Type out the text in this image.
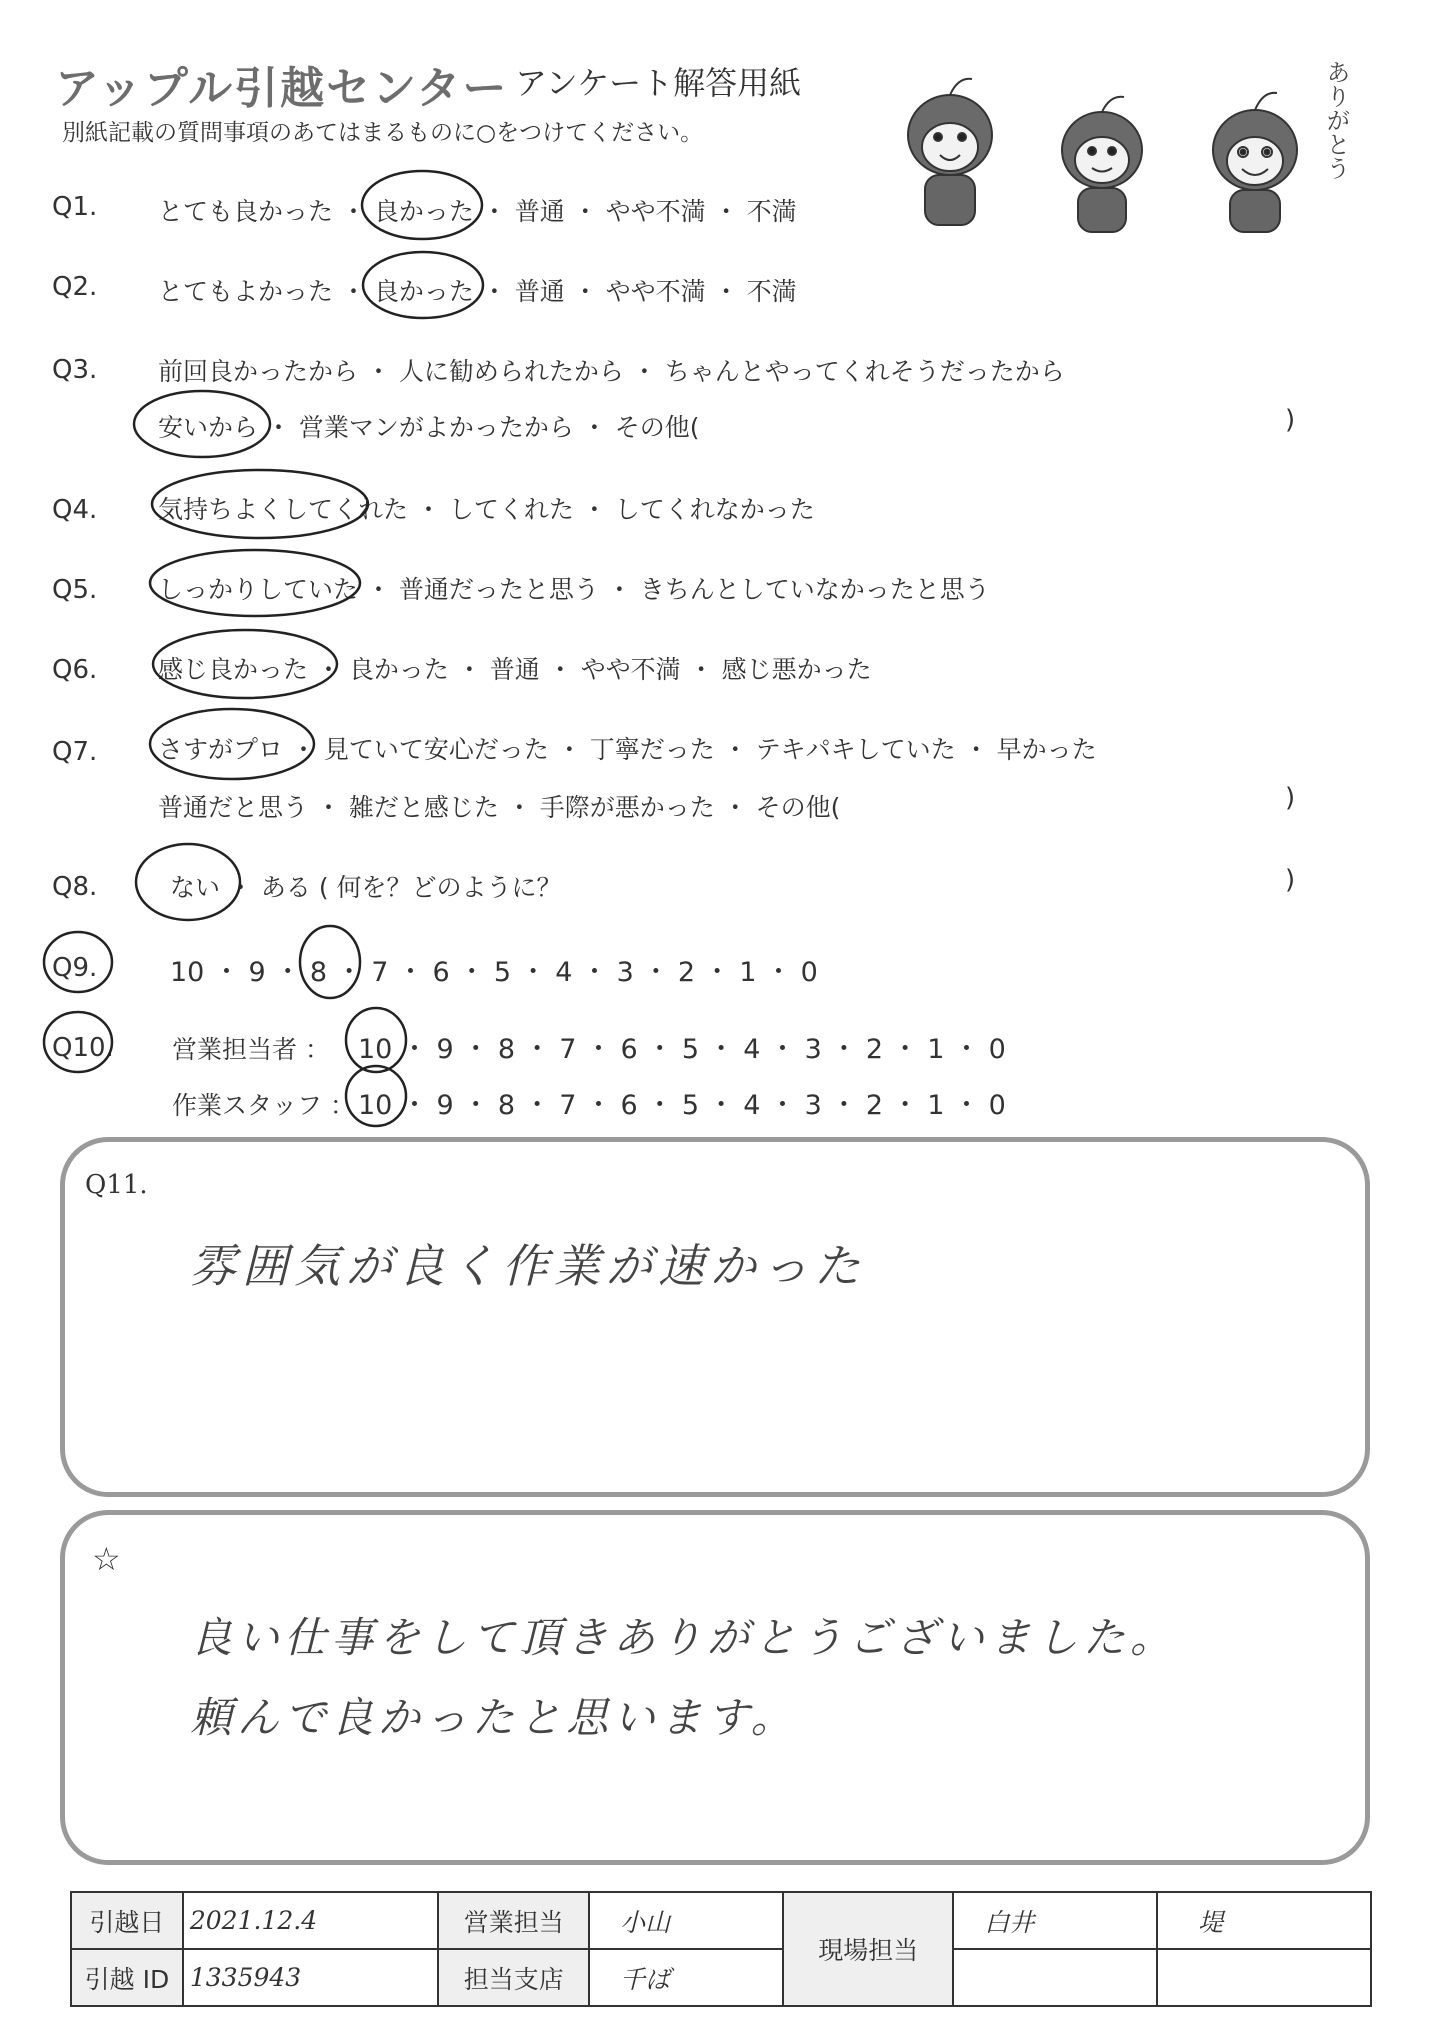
アップル引越センター アンケート解答用紙
別紙記載の質問事項のあてはまるものに○をつけてください。	ありがとう
Q1. とても良かった ・ 良かった ・ 普通 ・ やや不満 ・ 不満
Q2. とてもよかった ・ 良かった ・ 普通 ・ やや不満 ・ 不満
Q3. 前回良かったから ・ 人に勧められたから ・ ちゃんとやってくれそうだったから
安いから ・ 営業マンがよかったから ・ その他(	)
Q4. 気持ちよくしてくれた ・ してくれた ・ してくれなかった
Q5. しっかりしていた ・ 普通だったと思う ・ きちんとしていなかったと思う
Q6. 感じ良かった ・ 良かった ・ 普通 ・ やや不満 ・ 感じ悪かった
Q7. さすがプロ ・ 見ていて安心だった ・ 丁寧だった ・ テキパキしていた ・ 早かった
普通だと思う ・ 雑だと感じた ・ 手際が悪かった ・ その他(	)
Q8.	ない ・ ある ( 何を？どのように？	)
Q9.	10 ・ 9 ・ 8 ・ 7 ・ 6 ・ 5 ・ 4 ・ 3 ・ 2 ・ 1 ・ 0
Q10. 営業担当者 ： 10 ・ 9 ・ 8 ・ 7 ・ 6 ・ 5 ・ 4 ・ 3 ・ 2 ・ 1 ・ 0
作業スタッフ ： 10 ・ 9 ・ 8 ・ 7 ・ 6 ・ 5 ・ 4 ・ 3 ・ 2 ・ 1 ・ 0
Q11.
雰囲気が良く作業が速かった
☆
良い仕事をして頂きありがとうございました。
頼んで良かったと思います。
引越日	2021.12.4	営業担当	小山	現場担当	白井	堤
引越 ID	1335943	担当支店	千ば			
